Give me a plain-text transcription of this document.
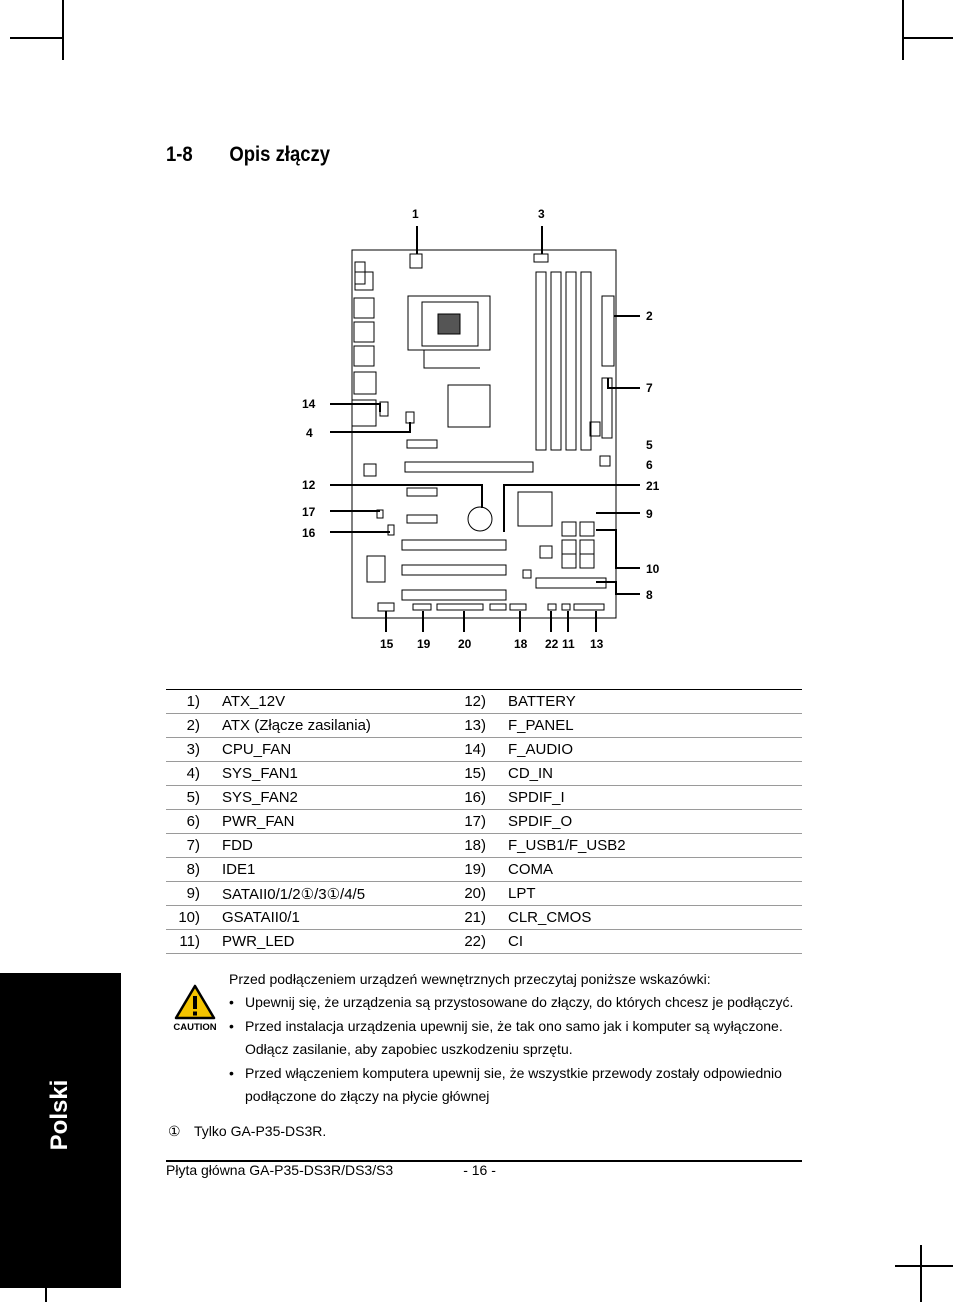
1-8 Opis złączy
1	3
2
7
14
4
5
6
12	21
17	9
16
10
8
15 19 20	18 22 11 13
1)	ATX_12V	12)	BATTERY
2)	ATX (Złącze zasilania)	13)	F_PANEL
3)	CPU_FAN	14)	F_AUDIO
4)	SYS_FAN1	15)	CD_IN
5)	SYS_FAN2	16)	SPDIF_I
6)	PWR_FAN	17)	SPDIF_O
7)	FDD	18)	F_USB1/F_USB2
8)	IDE1	19)	COMA
9)	SATAII0/1/2①/3①/4/5	20)	LPT
10)	GSATAII0/1	21)	CLR_CMOS
11)	PWR_LED	22)	CI
CAUTION
Przed podłączeniem urządzeń wewnętrznych przeczytaj poniższe wskazówki:
• Upewnij się, że urządzenia są przystosowane do złączy, do których chcesz je podłączyć.
• Przed instalacja urządzenia upewnij sie, że tak ono samo jak i komputer są wyłączone. Odłącz zasilanie, aby zapobiec uszkodzeniu sprzętu.
• Przed włączeniem komputera upewnij sie, że wszystkie przewody zostały odpowiednio podłączone do złączy na płycie głównej
① Tylko GA-P35-DS3R.
Płyta główna GA-P35-DS3R/DS3/S3	- 16 -
Polski
